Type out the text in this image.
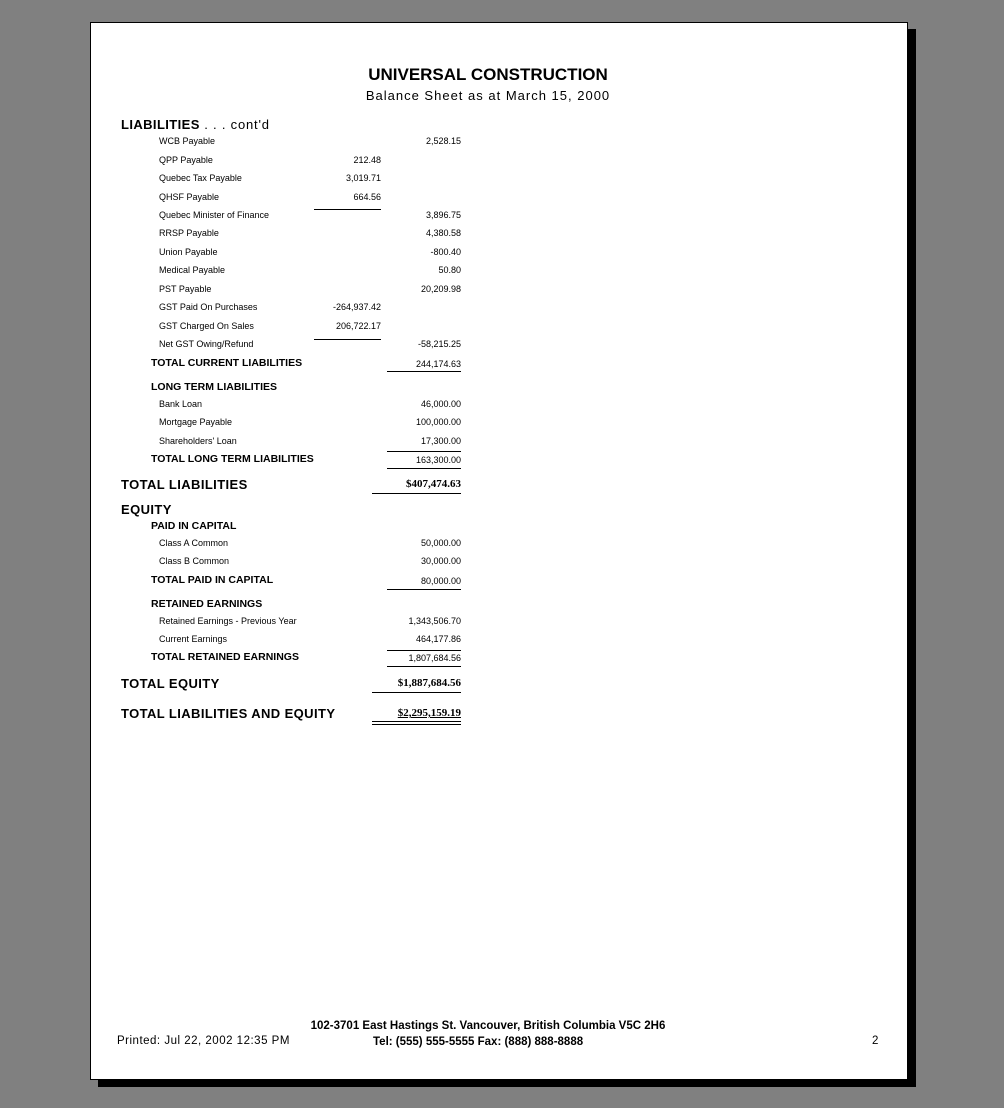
UNIVERSAL CONSTRUCTION
Balance Sheet as at March 15, 2000
LIABILITIES . . . cont'd
WCB Payable	2,528.15
QPP Payable	212.48
Quebec Tax Payable	3,019.71
QHSF Payable	664.56
Quebec Minister of Finance	3,896.75
RRSP Payable	4,380.58
Union Payable	-800.40
Medical Payable	50.80
PST Payable	20,209.98
GST Paid On Purchases	-264,937.42
GST Charged On Sales	206,722.17
Net GST Owing/Refund	-58,215.25
TOTAL CURRENT LIABILITIES	244,174.63
LONG TERM LIABILITIES
Bank Loan	46,000.00
Mortgage Payable	100,000.00
Shareholders' Loan	17,300.00
TOTAL LONG TERM LIABILITIES	163,300.00
TOTAL LIABILITIES	$407,474.63
EQUITY
PAID IN CAPITAL
Class A Common	50,000.00
Class B Common	30,000.00
TOTAL PAID IN CAPITAL	80,000.00
RETAINED EARNINGS
Retained Earnings - Previous Year	1,343,506.70
Current Earnings	464,177.86
TOTAL RETAINED EARNINGS	1,807,684.56
TOTAL EQUITY	$1,887,684.56
TOTAL LIABILITIES AND EQUITY	$2,295,159.19
102-3701 East Hastings St. Vancouver, British Columbia V5C 2H6
Printed: Jul 22, 2002 12:35 PM	Tel: (555) 555-5555 Fax: (888) 888-8888	2
